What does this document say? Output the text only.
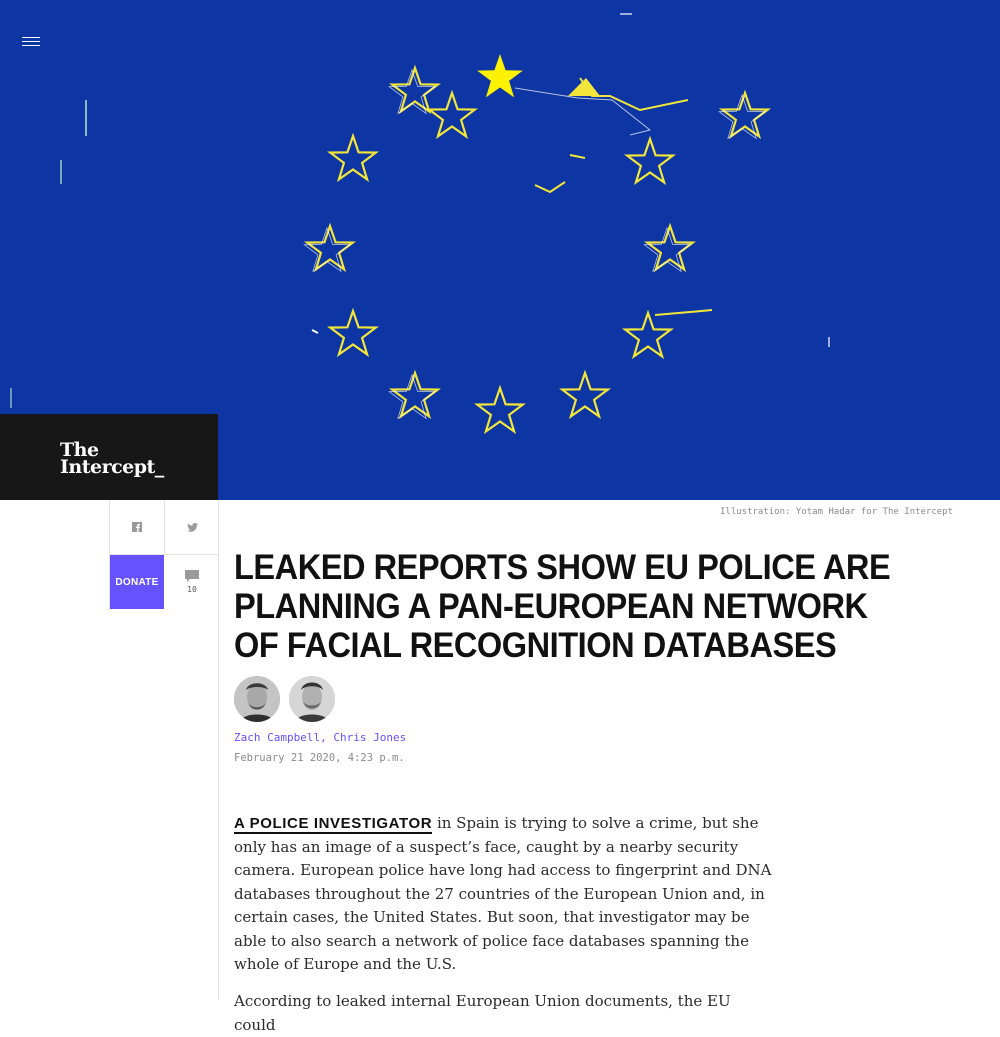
The
Intercept_
Illustration: Yotam Hadar for The Intercept
DONATE
10
LEAKED REPORTS SHOW EU POLICE ARE PLANNING A PAN-EUROPEAN NETWORK OF FACIAL RECOGNITION DATABASES
Zach Campbell, Chris Jones
February 21 2020, 4:23 p.m.

A POLICE INVESTIGATOR in Spain is trying to solve a crime, but she only has an image of a suspect’s face, caught by a nearby security camera. European police have long had access to fingerprint and DNA databases throughout the 27 countries of the European Union and, in certain cases, the United States. But soon, that investigator may be able to also search a network of police face databases spanning the whole of Europe and the U.S.

According to leaked internal European Union documents, the EU could
